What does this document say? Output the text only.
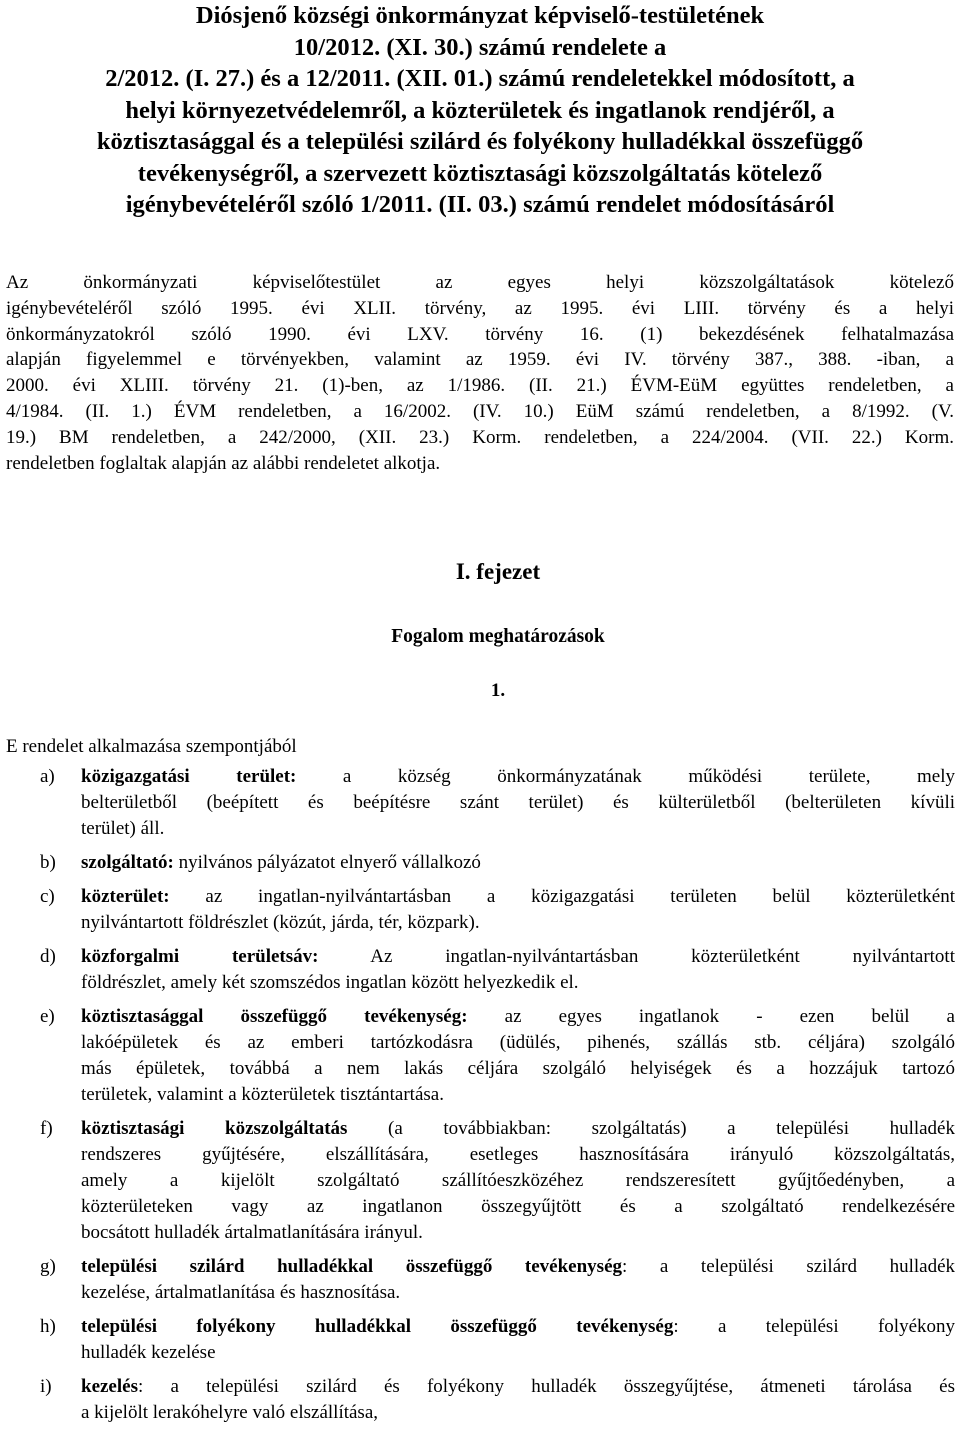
Diósjenő községi önkormányzat képviselő-testületének
10/2012. (XI. 30.) számú rendelete a
2/2012. (I. 27.) és a 12/2011. (XII. 01.) számú rendeletekkel módosított, a
helyi környezetvédelemről, a közterületek és ingatlanok rendjéről, a
köztisztasággal és a települési szilárd és folyékony hulladékkal összefüggő
tevékenységről, a szervezett köztisztasági közszolgáltatás kötelező
igénybevételéről szóló 1/2011. (II. 03.) számú rendelet módosításáról
Az önkormányzati képviselőtestület az egyes helyi közszolgáltatások kötelező
igénybevételéről szóló 1995. évi XLII. törvény, az 1995. évi LIII. törvény és a helyi
önkormányzatokról szóló 1990. évi LXV. törvény 16. (1) bekezdésének felhatalmazása
alapján figyelemmel e törvényekben, valamint az 1959. évi IV. törvény 387., 388. -iban, a
2000. évi XLIII. törvény 21. (1)-ben, az 1/1986. (II. 21.) ÉVM-EüM együttes rendeletben, a
4/1984. (II. 1.) ÉVM rendeletben, a 16/2002. (IV. 10.) EüM számú rendeletben, a 8/1992. (V.
19.) BM rendeletben, a 242/2000, (XII. 23.) Korm. rendeletben, a 224/2004. (VII. 22.) Korm.
rendeletben foglaltak alapján az alábbi rendeletet alkotja.
I. fejezet
Fogalom meghatározások
1.
E rendelet alkalmazása szempontjából
a) közigazgatási terület: a község önkormányzatának működési területe, mely
belterületből (beépített és beépítésre szánt terület) és külterületből (belterületen kívüli
terület) áll.
b) szolgáltató: nyilvános pályázatot elnyerő vállalkozó
c) közterület: az ingatlan-nyilvántartásban a közigazgatási területen belül közterületként
nyilvántartott földrészlet (közút, járda, tér, közpark).
d) közforgalmi területsáv: Az ingatlan-nyilvántartásban közterületként nyilvántartott
földrészlet, amely két szomszédos ingatlan között helyezkedik el.
e) köztisztasággal összefüggő tevékenység: az egyes ingatlanok - ezen belül a
lakóépületek és az emberi tartózkodásra (üdülés, pihenés, szállás stb. céljára) szolgáló
más épületek, továbbá a nem lakás céljára szolgáló helyiségek és a hozzájuk tartozó
területek, valamint a közterületek tisztántartása.
f) köztisztasági közszolgáltatás (a továbbiakban: szolgáltatás) a települési hulladék
rendszeres gyűjtésére, elszállítására, esetleges hasznosítására irányuló közszolgáltatás,
amely a kijelölt szolgáltató szállítóeszközéhez rendszeresített gyűjtőedényben, a
közterületeken vagy az ingatlanon összegyűjtött és a szolgáltató rendelkezésére
bocsátott hulladék ártalmatlanítására irányul.
g) települési szilárd hulladékkal összefüggő tevékenység: a települési szilárd hulladék
kezelése, ártalmatlanítása és hasznosítása.
h) települési folyékony hulladékkal összefüggő tevékenység: a települési folyékony
hulladék kezelése
i) kezelés: a települési szilárd és folyékony hulladék összegyűjtése, átmeneti tárolása és
a kijelölt lerakóhelyre való elszállítása,
